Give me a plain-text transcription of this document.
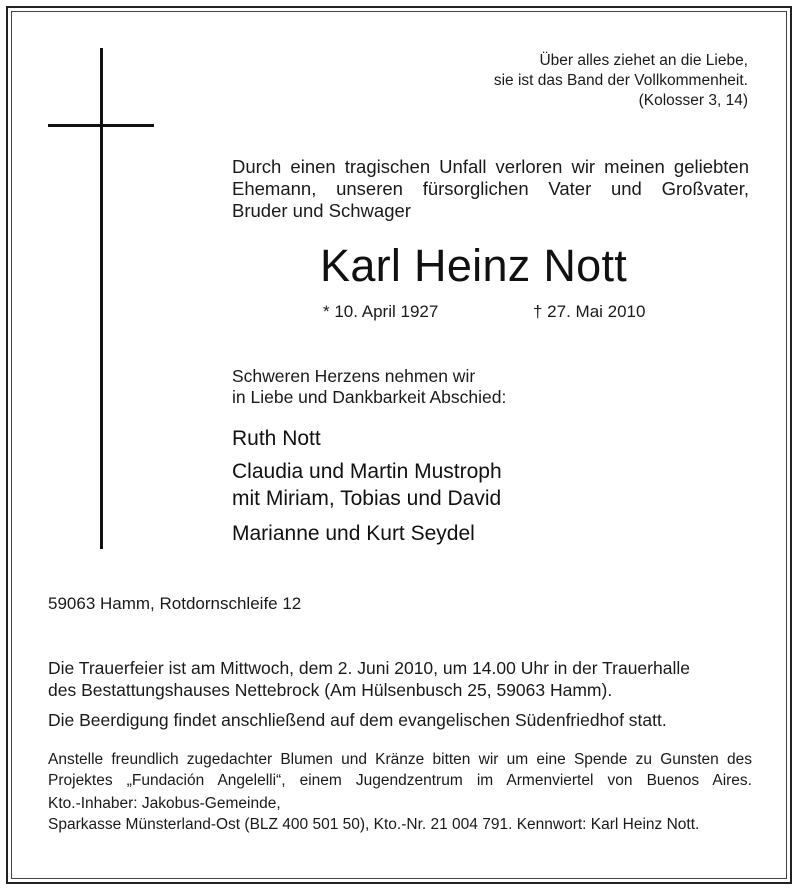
Über alles ziehet an die Liebe,
sie ist das Band der Vollkommenheit.
(Kolosser 3, 14)
Durch einen tragischen Unfall verloren wir meinen geliebten
Ehemann, unseren fürsorglichen Vater und Großvater,
Bruder und Schwager
Karl Heinz Nott
* 10. April 1927	† 27. Mai 2010
Schweren Herzens nehmen wir
in Liebe und Dankbarkeit Abschied:
Ruth Nott
Claudia und Martin Mustroph
mit Miriam, Tobias und David
Marianne und Kurt Seydel
59063 Hamm, Rotdornschleife 12
Die Trauerfeier ist am Mittwoch, dem 2. Juni 2010, um 14.00 Uhr in der Trauerhalle
des Bestattungshauses Nettebrock (Am Hülsenbusch 25, 59063 Hamm).
Die Beerdigung findet anschließend auf dem evangelischen Südenfriedhof statt.
Anstelle freundlich zugedachter Blumen und Kränze bitten wir um eine Spende zu Gunsten des
Projektes „Fundación Angelelli“, einem Jugendzentrum im Armenviertel von Buenos Aires.
Kto.-Inhaber: Jakobus-Gemeinde,
Sparkasse Münsterland-Ost (BLZ 400 501 50), Kto.-Nr. 21 004 791. Kennwort: Karl Heinz Nott.
